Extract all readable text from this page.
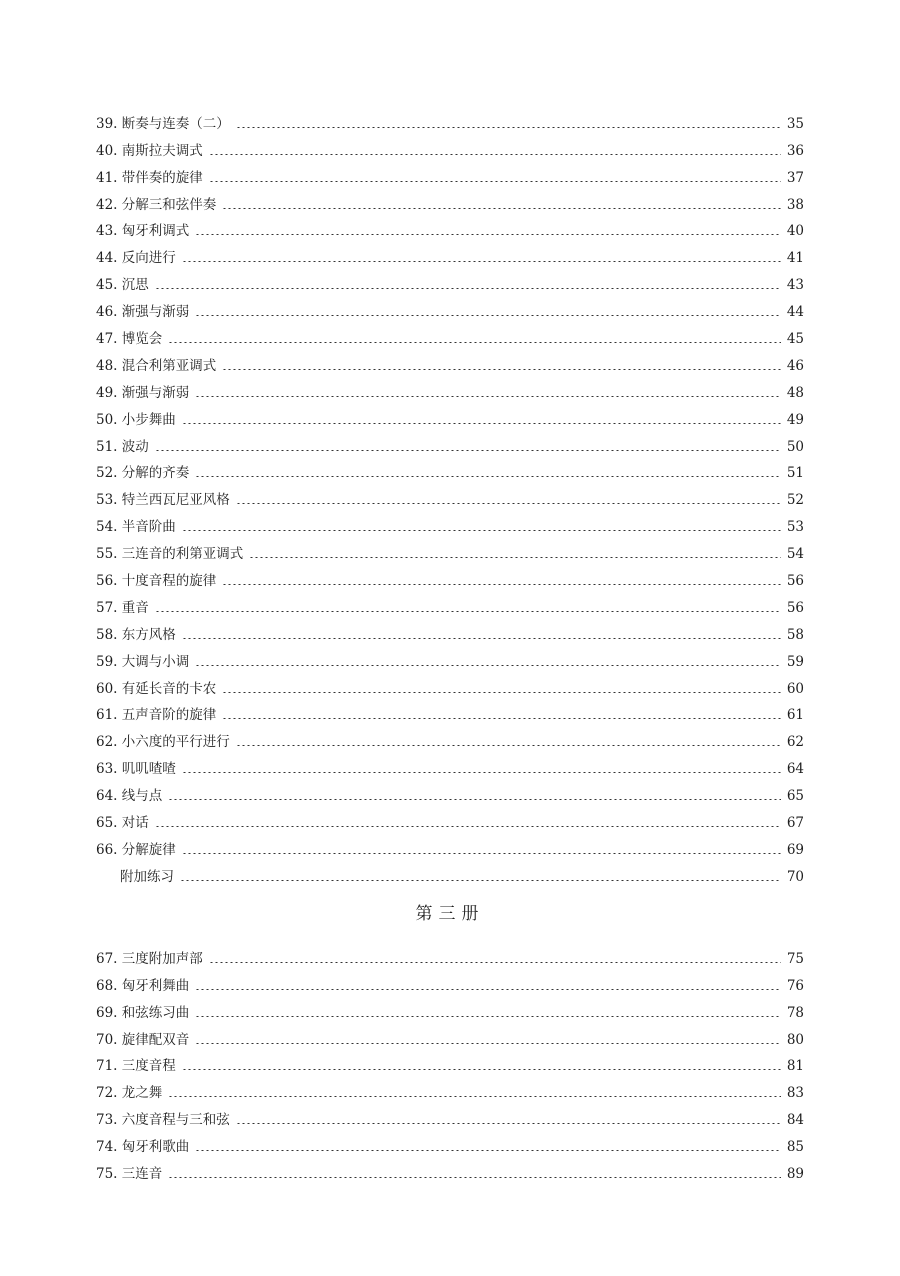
39. 断奏与连奏（二）	35
40. 南斯拉夫调式	36
41. 带伴奏的旋律	37
42. 分解三和弦伴奏	38
43. 匈牙利调式	40
44. 反向进行	41
45. 沉思	43
46. 渐强与渐弱	44
47. 博览会	45
48. 混合利第亚调式	46
49. 渐强与渐弱	48
50. 小步舞曲	49
51. 波动	50
52. 分解的齐奏	51
53. 特兰西瓦尼亚风格	52
54. 半音阶曲	53
55. 三连音的利第亚调式	54
56. 十度音程的旋律	56
57. 重音	56
58. 东方风格	58
59. 大调与小调	59
60. 有延长音的卡农	60
61. 五声音阶的旋律	61
62. 小六度的平行进行	62
63. 叽叽喳喳	64
64. 线与点	65
65. 对话	67
66. 分解旋律	69
附加练习	70
第三册
67. 三度附加声部	75
68. 匈牙利舞曲	76
69. 和弦练习曲	78
70. 旋律配双音	80
71. 三度音程	81
72. 龙之舞	83
73. 六度音程与三和弦	84
74. 匈牙利歌曲	85
75. 三连音	89
